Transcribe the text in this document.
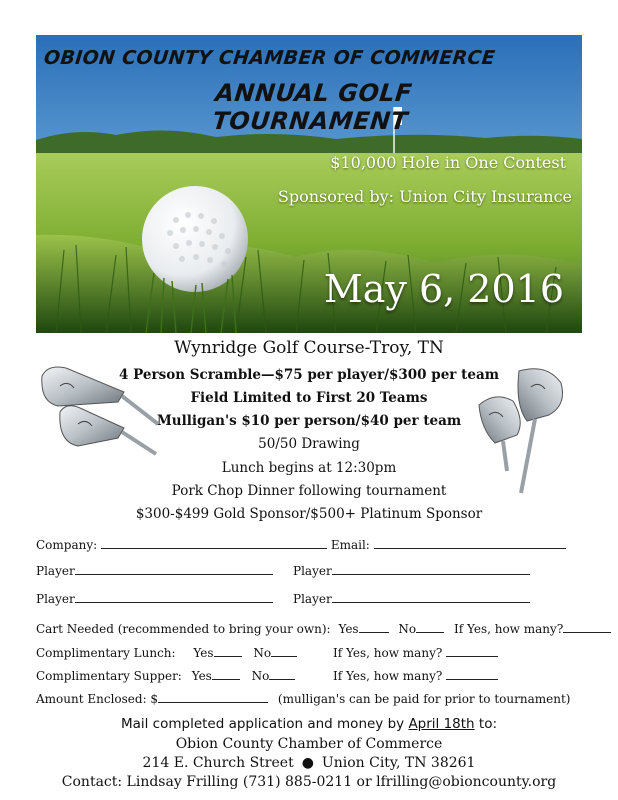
OBION COUNTY CHAMBER OF COMMERCE
ANNUAL GOLF TOURNAMENT
$10,000 Hole in One Contest
Sponsored by: Union City Insurance
May 6, 2016
Wynridge Golf Course-Troy, TN
4 Person Scramble—$75 per player/$300 per team
Field Limited to First 20 Teams
Mulligan's $10 per person/$40 per team
50/50 Drawing
Lunch begins at 12:30pm
Pork Chop Dinner following tournament
$300-$499 Gold Sponsor/$500+ Platinum Sponsor
Company:	Email:
Player	Player
Player	Player
Cart Needed (recommended to bring your own): Yes	No	If Yes, how many?
Complimentary Lunch: Yes	No	If Yes, how many?
Complimentary Supper: Yes	No	If Yes, how many?
Amount Enclosed: $	(mulligan's can be paid for prior to tournament)
Mail completed application and money by April 18th to:
Obion County Chamber of Commerce
214 E. Church Street ● Union City, TN 38261
Contact: Lindsay Frilling (731) 885-0211 or lfrilling@obioncounty.org
